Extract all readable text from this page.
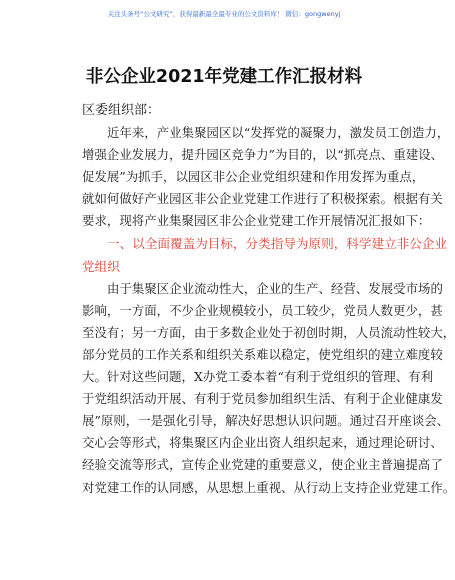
关注头条号“公文研究”，获得最新最全最专业的公文资料库！ 微信：gongwenyj
非公企业2021年党建工作汇报材料
区委组织部：
近年来，产业集聚园区以“发挥党的凝聚力，激发员工创造力，
增强企业发展力，提升园区竞争力”为目的，以“抓亮点、重建设、
促发展”为抓手，以园区非公企业党组织建和作用发挥为重点，
就如何做好产业园区非公企业党建工作进行了积极探索。根据有关
要求，现将产业集聚园区非公企业党建工作开展情况汇报如下：
一、以全面覆盖为目标，分类指导为原则，科学建立非公企业
党组织
由于集聚区企业流动性大，企业的生产、经营、发展受市场的
影响，一方面，不少企业规模较小，员工较少，党员人数更少，甚
至没有；另一方面，由于多数企业处于初创时期，人员流动性较大，
部分党员的工作关系和组织关系难以稳定，使党组织的建立难度较
大。针对这些问题，X办党工委本着“有利于党组织的管理、有利
于党组织活动开展、有利于党员参加组织生活、有利于企业健康发
展”原则，一是强化引导，解决好思想认识问题。通过召开座谈会、
交心会等形式，将集聚区内企业出资人组织起来，通过理论研讨、
经验交流等形式，宣传企业党建的重要意义，使企业主普遍提高了
对党建工作的认同感，从思想上重视、从行动上支持企业党建工作。
